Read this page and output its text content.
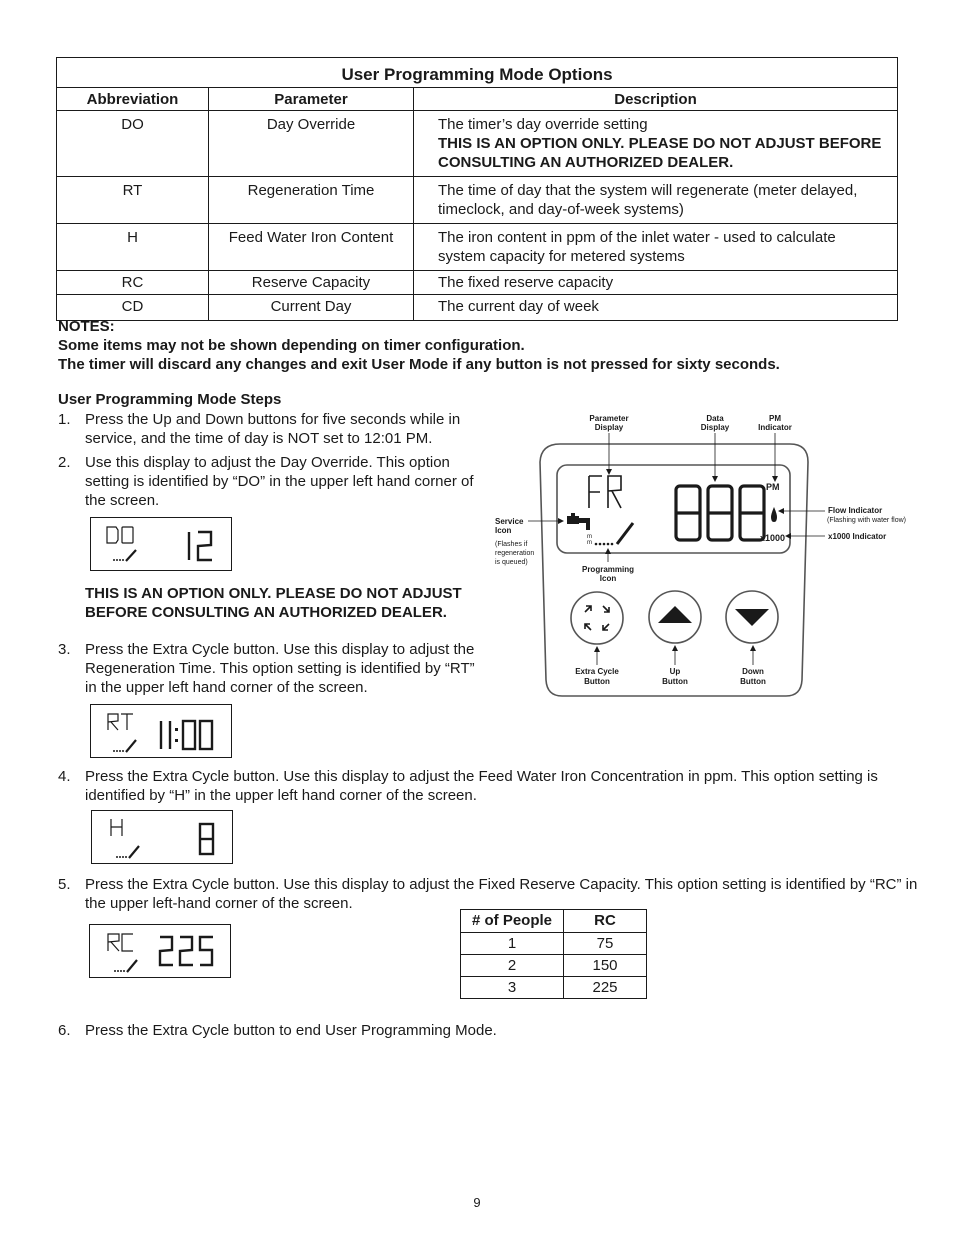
User Programming Mode Options		
Abbreviation	Parameter	Description
DO	Day Override	The timer’s day override setting
THIS IS AN OPTION ONLY. PLEASE DO NOT ADJUST BEFORE CONSULTING AN AUTHORIZED DEALER.

RT	Regeneration Time	The time of day that the system will regenerate (meter delayed, timeclock, and day-of-week systems)
H	Feed Water Iron Content	The iron content in ppm of the inlet water - used to calculate system capacity for metered systems
RC	Reserve Capacity	The fixed reserve capacity
CD	Current Day	The current day of week
NOTES:
Some items may not be shown depending on timer configuration.
The timer will discard any changes and exit User Mode if any button is not pressed for sixty seconds.
User Programming Mode Steps
1. Press the Up and Down buttons for five seconds while in service, and the time of day is NOT set to 12:01 PM.
2. Use this display to adjust the Day Override. This option setting is identified by “DO” in the upper left hand corner of the screen.
THIS IS AN OPTION ONLY. PLEASE DO NOT ADJUST BEFORE CONSULTING AN AUTHORIZED DEALER.
3. Press the Extra Cycle button. Use this display to adjust the Regeneration Time. This option setting is identified by “RT” in the upper left hand corner of the screen.
4. Press the Extra Cycle button. Use this display to adjust the Feed Water Iron Concentration in ppm. This option setting is identified by “H” in the upper left hand corner of the screen.
5. Press the Extra Cycle button. Use this display to adjust the Fixed Reserve Capacity. This option setting is identified by “RC” in the upper left-hand corner of the screen.
# of People	RC
1	75
2	150
3	225
6. Press the Extra Cycle button to end User Programming Mode.
PM
x1000
m
m
Parameter
Display
Data
Display
PM
Indicator
Service
Icon
(Flashes if
regeneration
is queued)
Flow Indicator
(Flashing with water flow)
x1000 Indicator
Programming
Icon
Extra Cycle
Button
Up
Button
Down
Button
9
